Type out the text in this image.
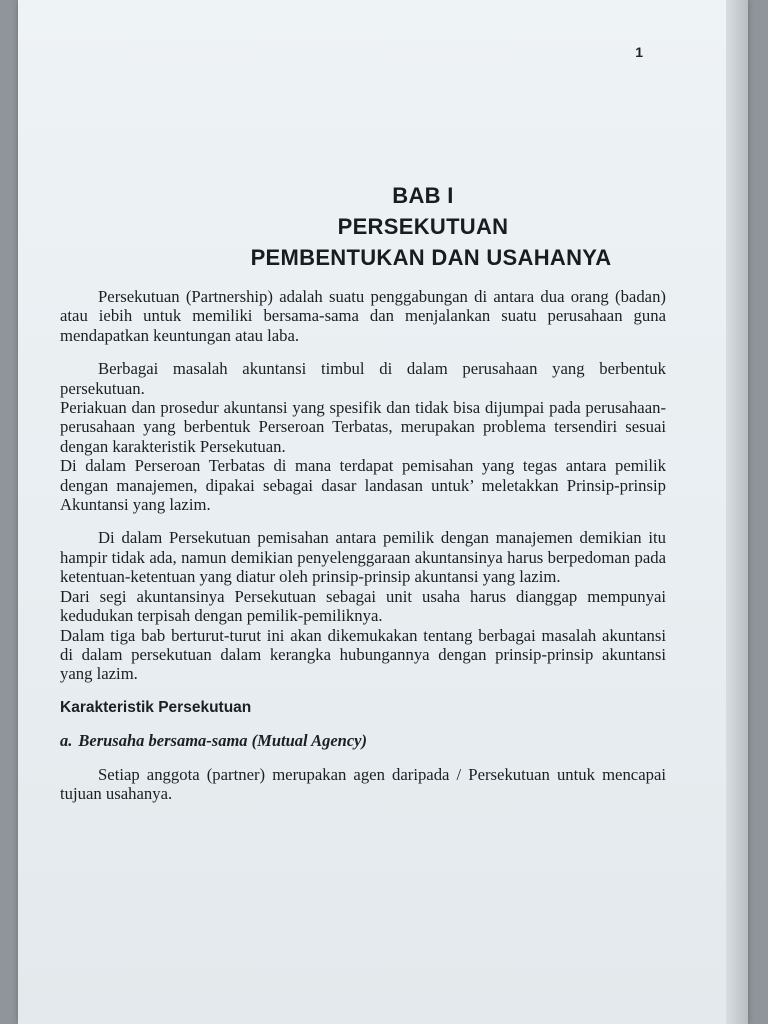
1
BAB I
PERSEKUTUAN
PEMBENTUKAN DAN USAHANYA

Persekutuan (Partnership) adalah suatu penggabungan di antara dua orang (badan) atau iebih untuk memiliki bersama-sama dan menjalankan suatu perusahaan guna mendapatkan keuntungan atau laba.

Berbagai masalah akuntansi timbul di dalam perusahaan yang berbentuk persekutuan.

Periakuan dan prosedur akuntansi yang spesifik dan tidak bisa dijumpai pada perusahaan-perusahaan yang berbentuk Perseroan Terbatas, merupakan problema tersendiri sesuai dengan karakteristik Persekutuan.

Di dalam Perseroan Terbatas di mana terdapat pemisahan yang tegas antara pemilik dengan manajemen, dipakai sebagai dasar landasan untuk’ meletakkan Prinsip-prinsip Akuntansi yang lazim.

Di dalam Persekutuan pemisahan antara pemilik dengan manajemen demikian itu hampir tidak ada, namun demikian penyelenggaraan akuntansinya harus berpedoman pada ketentuan-ketentuan yang diatur oleh prinsip-prinsip akuntansi yang lazim.

Dari segi akuntansinya Persekutuan sebagai unit usaha harus dianggap mempunyai kedudukan terpisah dengan pemilik-pemiliknya.

Dalam tiga bab berturut-turut ini akan dikemukakan tentang berbagai masalah akuntansi di dalam persekutuan dalam kerangka hubungannya dengan prinsip-prinsip akuntansi yang lazim.

Karakteristik Persekutuan

a. Berusaha bersama-sama (Mutual Agency)

Setiap anggota (partner) merupakan agen daripada / Persekutuan untuk mencapai tujuan usahanya.
